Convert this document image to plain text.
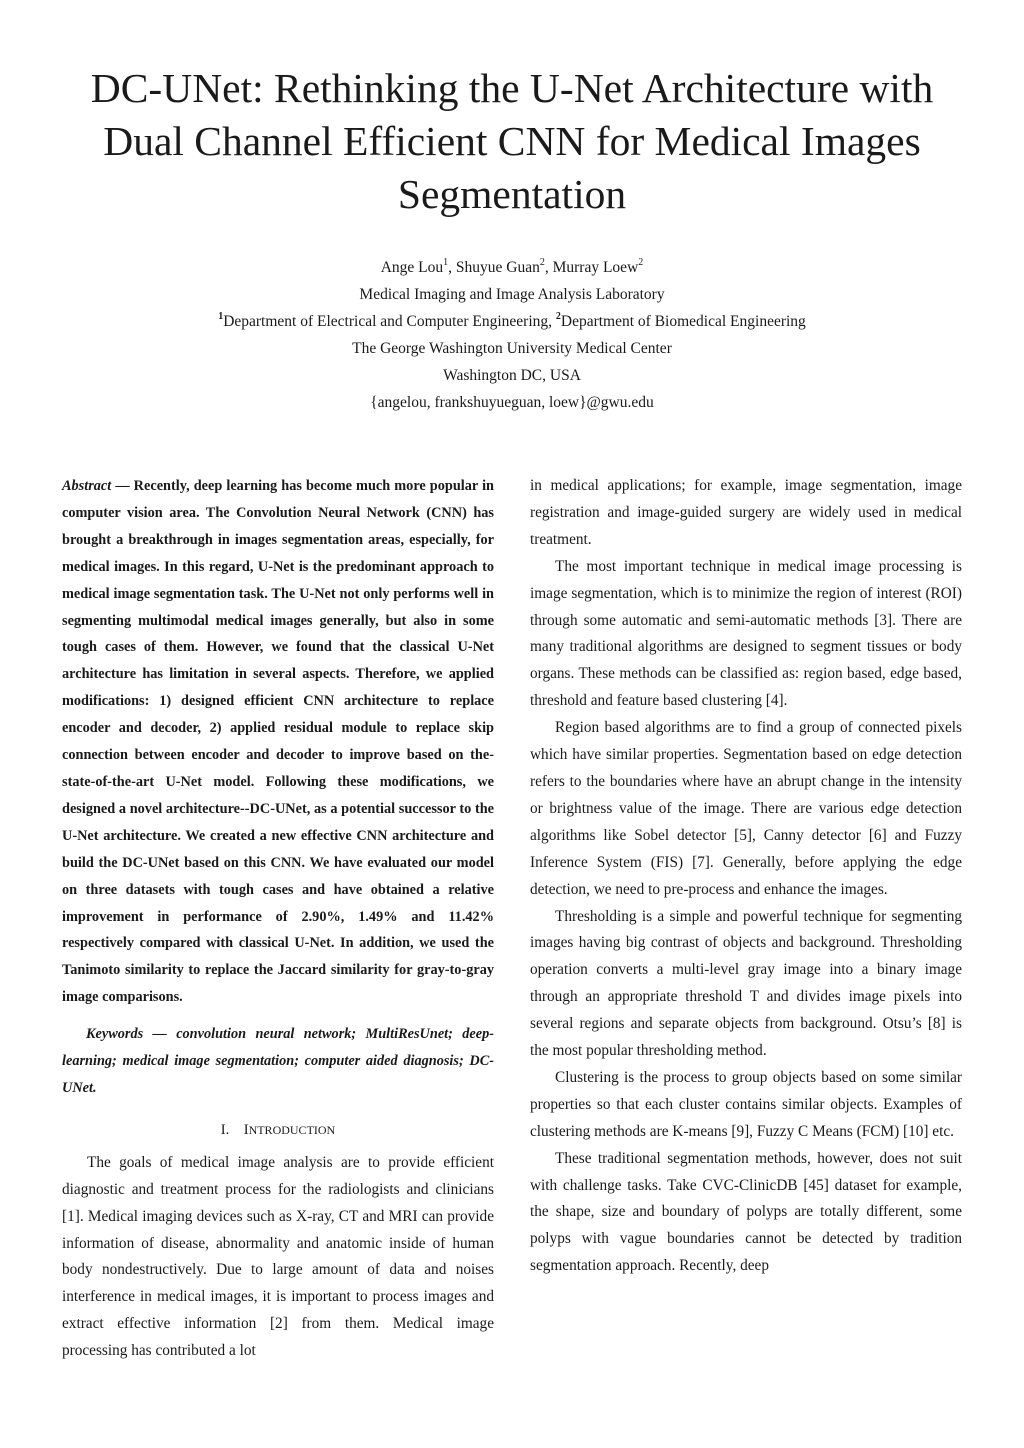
DC-UNet: Rethinking the U-Net Architecture with
Dual Channel Efficient CNN for Medical Images
Segmentation
Ange Lou$^1$, Shuyue Guan$^2$, Murray Loew$^2$
Medical Imaging and Image Analysis Laboratory
$^1$Department of Electrical and Computer Engineering, $^2$Department of Biomedical Engineering
The George Washington University Medical Center
Washington DC, USA
{angelou, frankshuyueguan, loew}@gwu.edu

Abstract — Recently, deep learning has become much more popular in computer vision area. The Convolution Neural Network (CNN) has brought a breakthrough in images segmentation areas, especially, for medical images. In this regard, U-Net is the predominant approach to medical image segmentation task. The U-Net not only performs well in segmenting multimodal medical images generally, but also in some tough cases of them. However, we found that the classical U-Net architecture has limitation in several aspects. Therefore, we applied modifications: 1) designed efficient CNN architecture to replace encoder and decoder, 2) applied residual module to replace skip connection between encoder and decoder to improve based on the-state-of-the-art U-Net model. Following these modifications, we designed a novel architecture--DC-UNet, as a potential successor to the U-Net architecture. We created a new effective CNN architecture and build the DC-UNet based on this CNN. We have evaluated our model on three datasets with tough cases and have obtained a relative improvement in performance of 2.90%, 1.49% and 11.42% respectively compared with classical U-Net. In addition, we used the Tanimoto similarity to replace the Jaccard similarity for gray-to-gray image comparisons.

Keywords — convolution neural network; MultiResUnet; deep-learning; medical image segmentation; computer aided diagnosis; DC-UNet.

I. INTRODUCTION

The goals of medical image analysis are to provide efficient diagnostic and treatment process for the radiologists and clinicians [1]. Medical imaging devices such as X-ray, CT and MRI can provide information of disease, abnormality and anatomic inside of human body nondestructively. Due to large amount of data and noises interference in medical images, it is important to process images and extract effective information [2] from them. Medical image processing has contributed a lot

in medical applications; for example, image segmentation, image registration and image-guided surgery are widely used in medical treatment.

The most important technique in medical image processing is image segmentation, which is to minimize the region of interest (ROI) through some automatic and semi-automatic methods [3]. There are many traditional algorithms are designed to segment tissues or body organs. These methods can be classified as: region based, edge based, threshold and feature based clustering [4].

Region based algorithms are to find a group of connected pixels which have similar properties. Segmentation based on edge detection refers to the boundaries where have an abrupt change in the intensity or brightness value of the image. There are various edge detection algorithms like Sobel detector [5], Canny detector [6] and Fuzzy Inference System (FIS) [7]. Generally, before applying the edge detection, we need to pre-process and enhance the images.

Thresholding is a simple and powerful technique for segmenting images having big contrast of objects and background. Thresholding operation converts a multi-level gray image into a binary image through an appropriate threshold T and divides image pixels into several regions and separate objects from background. Otsu’s [8] is the most popular thresholding method.

Clustering is the process to group objects based on some similar properties so that each cluster contains similar objects. Examples of clustering methods are K-means [9], Fuzzy C Means (FCM) [10] etc.

These traditional segmentation methods, however, does not suit with challenge tasks. Take CVC-ClinicDB [45] dataset for example, the shape, size and boundary of polyps are totally different, some polyps with vague boundaries cannot be detected by tradition segmentation approach. Recently, deep
